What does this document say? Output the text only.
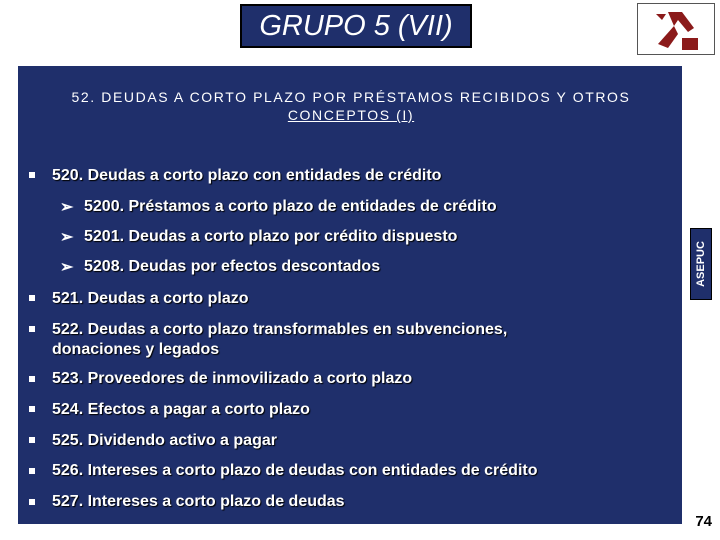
GRUPO 5 (VII)
52. DEUDAS A CORTO PLAZO POR PRÉSTAMOS RECIBIDOS Y OTROS
CONCEPTOS (I)
ASEPUC
520. Deudas a corto plazo con entidades de crédito
➢ 5200. Préstamos a corto plazo de entidades de crédito
➢ 5201. Deudas a corto plazo por crédito dispuesto
➢ 5208. Deudas por efectos descontados
521. Deudas a corto plazo
522. Deudas a corto plazo transformables en subvenciones, donaciones y legados
523. Proveedores de inmovilizado a corto plazo
524. Efectos a pagar a corto plazo
525. Dividendo activo a pagar
526. Intereses a corto plazo de deudas con entidades de crédito
527. Intereses a corto plazo de deudas
74
